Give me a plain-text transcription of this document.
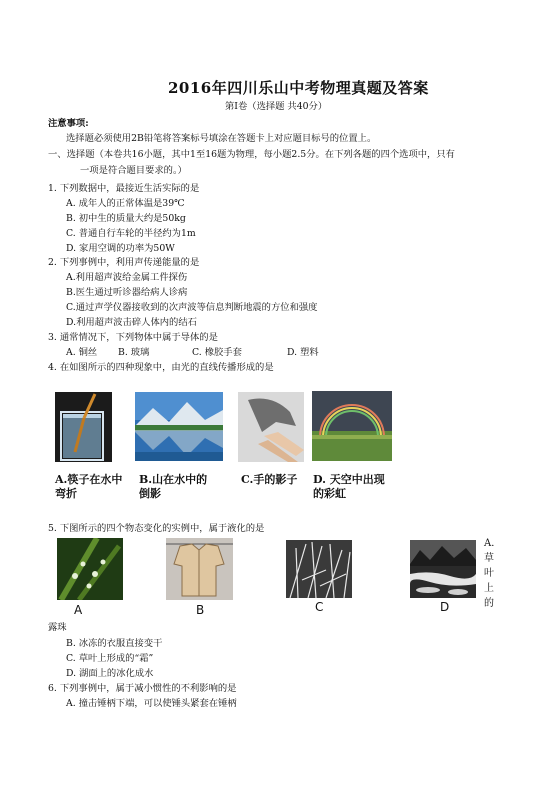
2016年四川乐山中考物理真题及答案
第Ⅰ卷（选择题 共40分）
注意事项:
选择题必须使用2B铅笔将答案标号填涂在答题卡上对应题目标号的位置上。
一、选择题（本卷共16小题，其中1至16题为物理，每小题2.5分。在下列各题的四个选项中，只有
一项是符合题目要求的。）
1. 下列数据中，最接近生活实际的是
A. 成年人的正常体温是39℃
B. 初中生的质量大约是50kg
C. 普通自行车轮的半径约为1m
D. 家用空调的功率为50W
2. 下列事例中，利用声传递能量的是
A.利用超声波给金属工件探伤
B.医生通过听诊器给病人诊病
C.通过声学仪器接收到的次声波等信息判断地震的方位和强度
D.利用超声波击碎人体内的结石
3. 通常情况下，下列物体中属于导体的是
A. 铜丝 B. 玻璃	C. 橡胶手套	D. 塑料
4. 在如图所示的四种现象中，由光的直线传播形成的是
A.筷子在水中弯折
B.山在水中的倒影
C.手的影子	D. 天空中出现的彩虹
5. 下图所示的四个物态变化的实例中，属于液化的是
A	B	C	D
A．草叶上的
露珠
B. 冰冻的衣服直接变干
C. 草叶上形成的“霜”
D. 湖面上的冰化成水
6. 下列事例中，属于减小惯性的不利影响的是
A. 撞击锤柄下端，可以使锤头紧套在锤柄
